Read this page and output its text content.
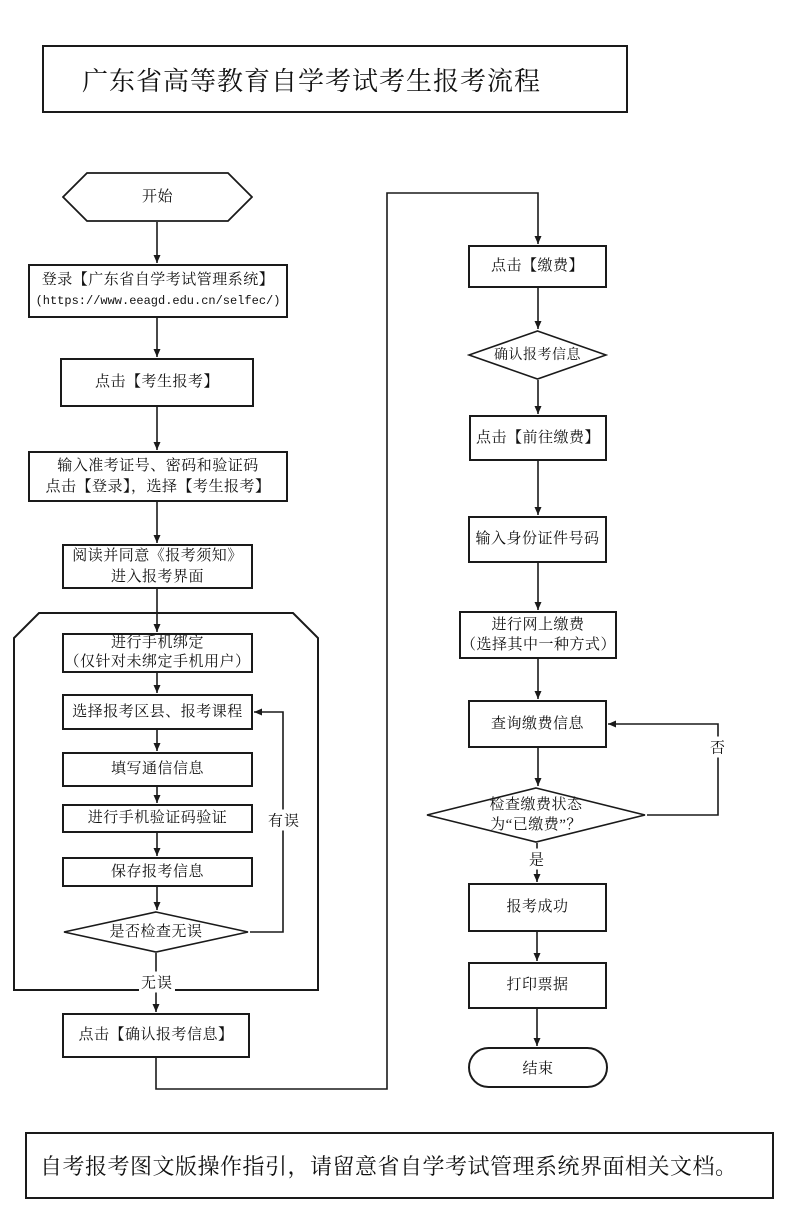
广东省高等教育自学考试考生报考流程
开始
登录【广东省自学考试管理系统】
(https://www.eeagd.edu.cn/selfec/)
点击【考生报考】
输入准考证号、密码和验证码
点击【登录】，选择【考生报考】
阅读并同意《报考须知》
进入报考界面
进行手机绑定
（仅针对未绑定手机用户）
选择报考区县、报考课程
填写通信信息
进行手机验证码验证
保存报考信息
是否检查无误
点击【确认报考信息】
有误
无误
点击【缴费】
确认报考信息
点击【前往缴费】
输入身份证件号码
进行网上缴费
（选择其中一种方式）
查询缴费信息
检查缴费状态
为“已缴费”？
报考成功
打印票据
结束
否
是
自考报考图文版操作指引，请留意省自学考试管理系统界面相关文档。
